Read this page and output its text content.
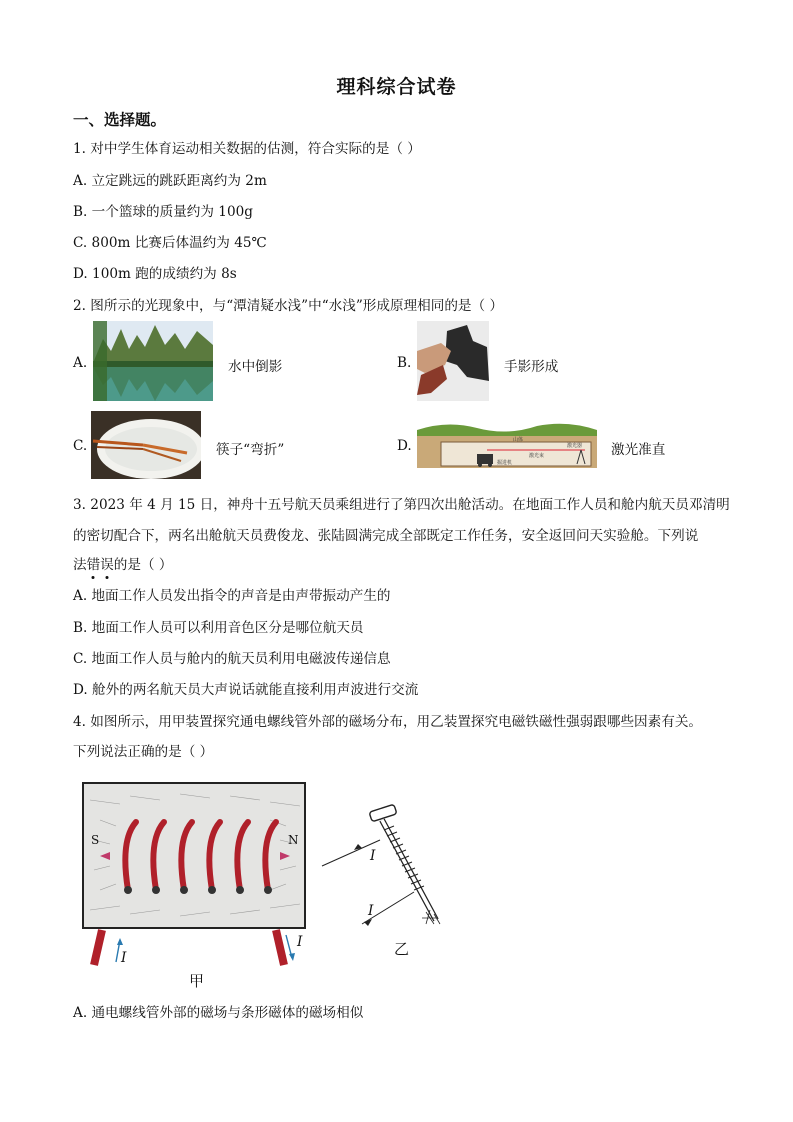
理科综合试卷
一、选择题。
1. 对中学生体育运动相关数据的估测，符合实际的是（ ）
A. 立定跳远的跳跃距离约为 2m
B. 一个篮球的质量约为 100g
C. 800m 比赛后体温约为 45℃
D. 100m 跑的成绩约为 8s
2. 图所示的光现象中，与“潭清疑水浅”中“水浅”形成原理相同的是（ ）
A.	水中倒影	B.	手影形成
C.	筷子“弯折”	D.	山体
激光束
掘进机
激光器 激光准直
3. 2023 年 4 月 15 日，神舟十五号航天员乘组进行了第四次出舱活动。在地面工作人员和舱内航天员邓清明
的密切配合下，两名出舱航天员费俊龙、张陆圆满完成全部既定工作任务，安全返回问天实验舱。下列说
法错误
的是（ ）
A. 地面工作人员发出指令的声音是由声带振动产生的
B. 地面工作人员可以利用音色区分是哪位航天员
C. 地面工作人员与舱内的航天员利用电磁波传递信息
D. 舱外的两名航天员大声说话就能直接利用声波进行交流
4. 如图所示，用甲装置探究通电螺线管外部的磁场分布，用乙装置探究电磁铁磁性强弱跟哪些因素有关。
下列说法正确的是（ ）
S	N
I
I
甲
I
I
乙
A. 通电螺线管外部的磁场与条形磁体的磁场相似
